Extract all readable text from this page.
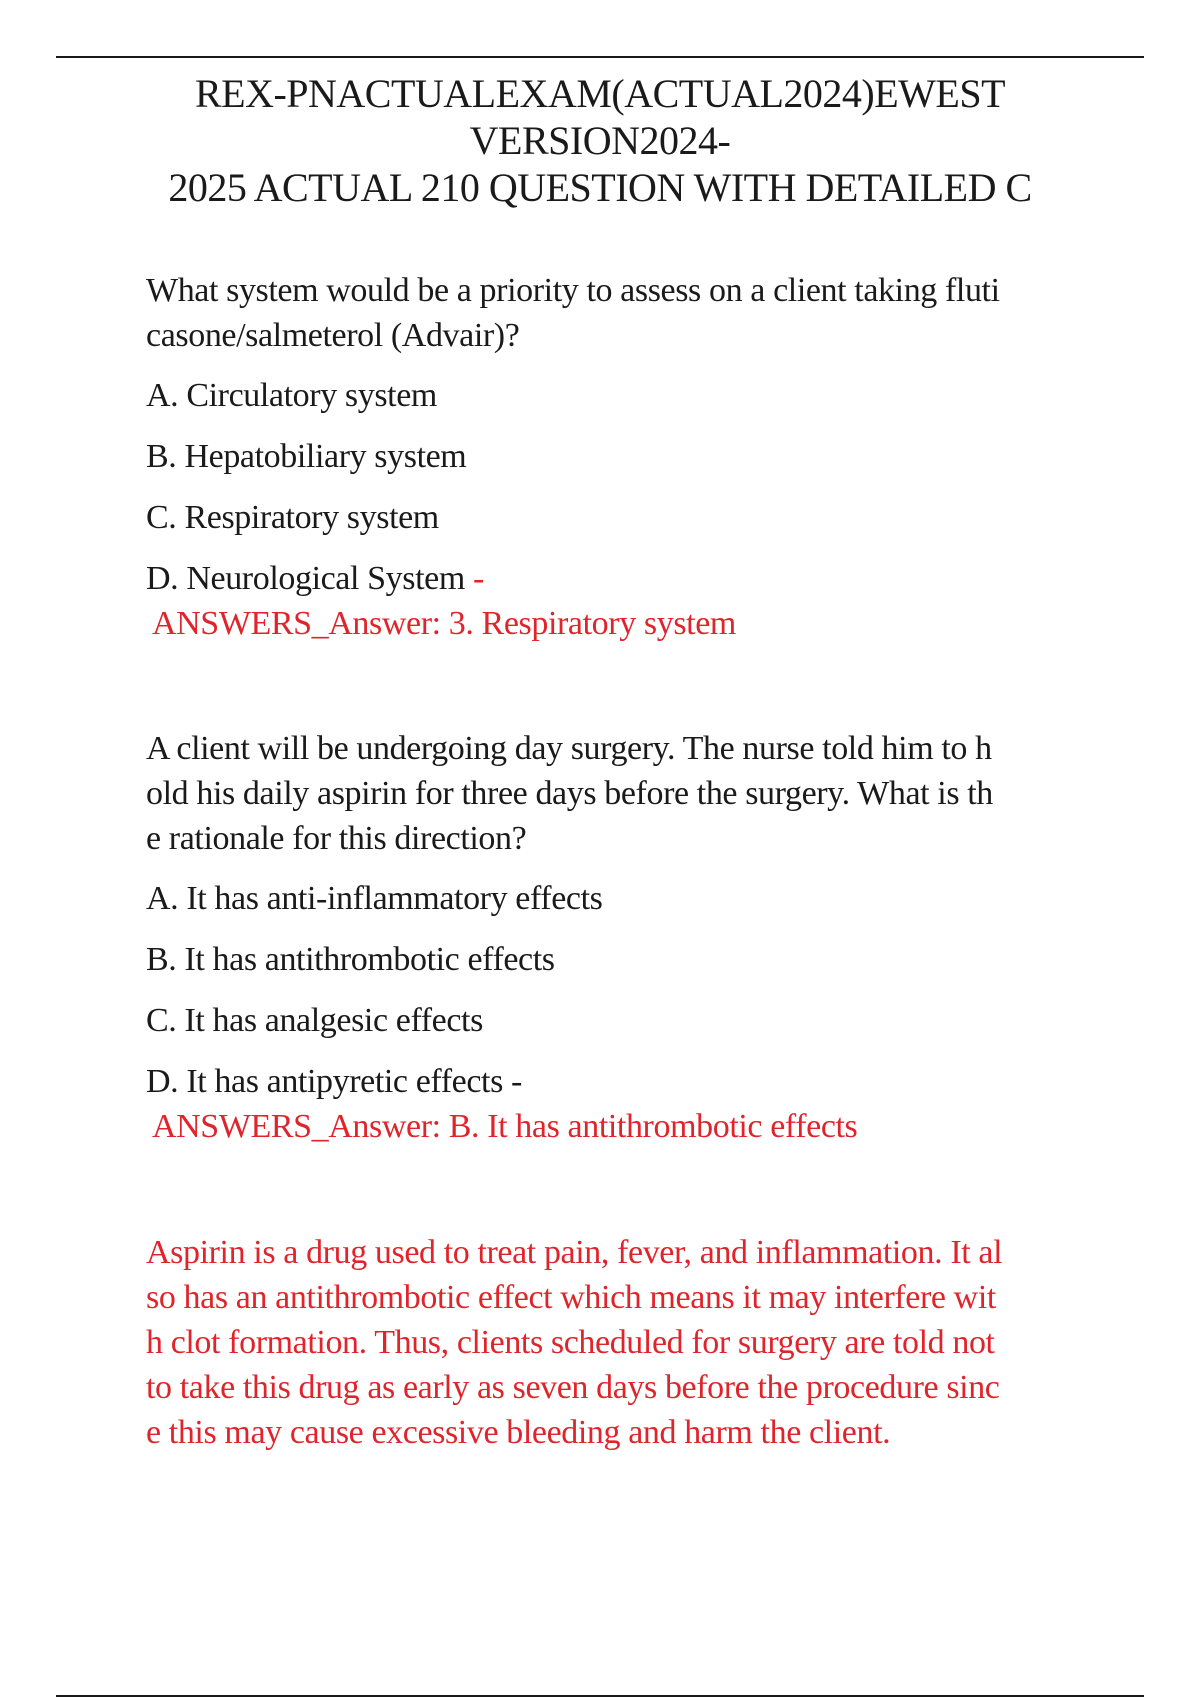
REX-PNACTUALEXAM(ACTUAL2024)EWEST
VERSION2024-
2025 ACTUAL 210 QUESTION WITH DETAILED C
What system would be a priority to assess on a client taking fluti
casone/salmeterol (Advair)?
A. Circulatory system
B. Hepatobiliary system
C. Respiratory system
D. Neurological System -
ANSWERS_Answer: 3. Respiratory system
A client will be undergoing day surgery. The nurse told him to h
old his daily aspirin for three days before the surgery. What is th
e rationale for this direction?
A. It has anti-inflammatory effects
B. It has antithrombotic effects
C. It has analgesic effects
D. It has antipyretic effects -
ANSWERS_Answer: B. It has antithrombotic effects

Aspirin is a drug used to treat pain, fever, and inflammation. It al

so has an antithrombotic effect which means it may interfere wit

h clot formation. Thus, clients scheduled for surgery are told not

to take this drug as early as seven days before the procedure sinc

e this may cause excessive bleeding and harm the client.
